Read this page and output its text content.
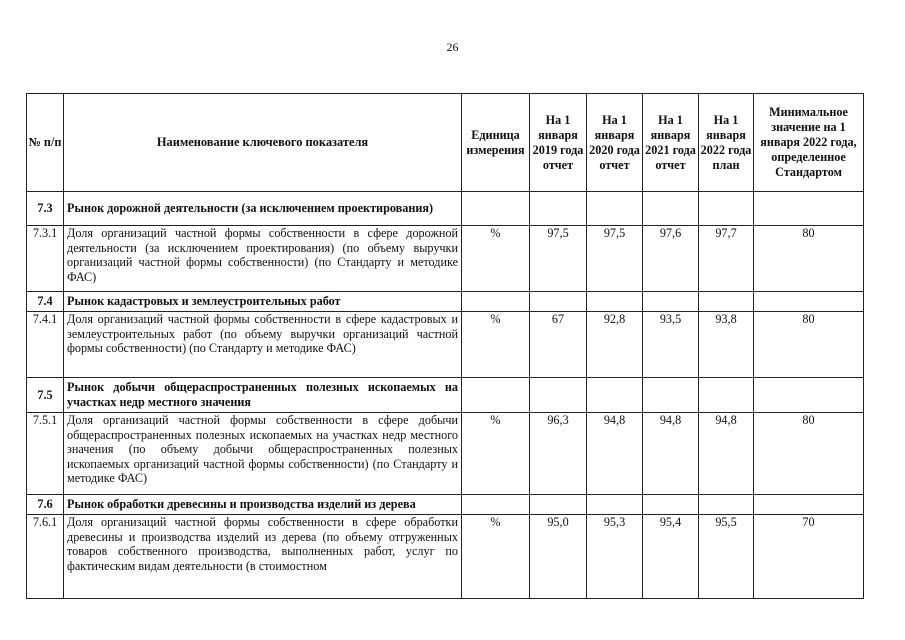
26
№ п/п	Наименование ключевого показателя	Единица измерения	На 1 января 2019 года отчет	На 1 января 2020 года отчет	На 1 января 2021 года отчет	На 1 января 2022 года план	Минимальное значение на 1 января 2022 года, определенное Стандартом
7.3	Рынок дорожной деятельности (за исключением проектирования)						
7.3.1	Доля организаций частной формы собственности в сфере дорожной деятельности (за исключением проектирования) (по объему выручки организаций частной формы собственности) (по Стандарту и методике ФАС)	%	97,5	97,5	97,6	97,7	80
7.4	Рынок кадастровых и землеустроительных работ						
7.4.1	Доля организаций частной формы собственности в сфере кадастровых и землеустроительных работ (по объему выручки организаций частной формы собственности) (по Стандарту и методике ФАС)	%	67	92,8	93,5	93,8	80
7.5	Рынок добычи общераспространенных полезных ископаемых на участках недр местного значения						
7.5.1	Доля организаций частной формы собственности в сфере добычи общераспространенных полезных ископаемых на участках недр местного значения (по объему добычи общераспространенных полезных ископаемых организаций частной формы собственности) (по Стандарту и методике ФАС)	%	96,3	94,8	94,8	94,8	80
7.6	Рынок обработки древесины и производства изделий из дерева						
7.6.1	Доля организаций частной формы собственности в сфере обработки древесины и производства изделий из дерева (по объему отгруженных товаров собственного производства, выполненных работ, услуг по фактическим видам деятельности (в стоимостном	%	95,0	95,3	95,4	95,5	70
